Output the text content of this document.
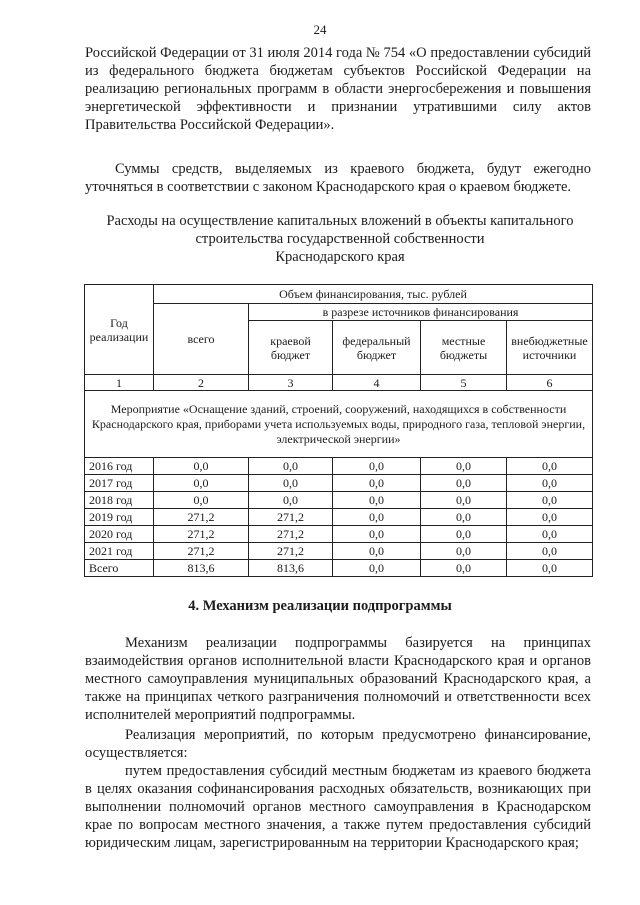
24

Российской Федерации от 31 июля 2014 года № 754 «О предоставлении субсидий из федерального бюджета бюджетам субъектов Российской Федерации на реализацию региональных программ в области энергосбережения и повышения энергетической эффективности и признании утратившими силу актов Правительства Российской Федерации».

Суммы средств, выделяемых из краевого бюджета, будут ежегодно уточняться в соответствии с законом Краснодарского края о краевом бюджете.

Расходы на осуществление капитальных вложений в объекты капитального
строительства государственной собственности
Краснодарского края
Год реализации	Объем финансирования, тыс. рублей				
	всего	в разрезе источников финансирования			
		краевой бюджет	федеральный бюджет	местные бюджеты	внебюджетные источники
1	2	3	4	5	6
Мероприятие «Оснащение зданий, строений, сооружений, находящихся в собственности Краснодарского края, приборами учета используемых воды, природного газа, тепловой энергии, электрической энергии»					
2016 год	0,0	0,0	0,0	0,0	0,0
2017 год	0,0	0,0	0,0	0,0	0,0
2018 год	0,0	0,0	0,0	0,0	0,0
2019 год	271,2	271,2	0,0	0,0	0,0
2020 год	271,2	271,2	0,0	0,0	0,0
2021 год	271,2	271,2	0,0	0,0	0,0
Всего	813,6	813,6	0,0	0,0	0,0
4. Механизм реализации подпрограммы

Механизм реализации подпрограммы базируется на принципах взаимодействия органов исполнительной власти Краснодарского края и органов местного самоуправления муниципальных образований Краснодарского края, а также на принципах четкого разграничения полномочий и ответственности всех исполнителей мероприятий подпрограммы.

Реализация мероприятий, по которым предусмотрено финансирование, осуществляется:

путем предоставления субсидий местным бюджетам из краевого бюджета в целях оказания софинансирования расходных обязательств, возникающих при выполнении полномочий органов местного самоуправления в Краснодарском крае по вопросам местного значения, а также путем предоставления субсидий юридическим лицам, зарегистрированным на территории Краснодарского края;
